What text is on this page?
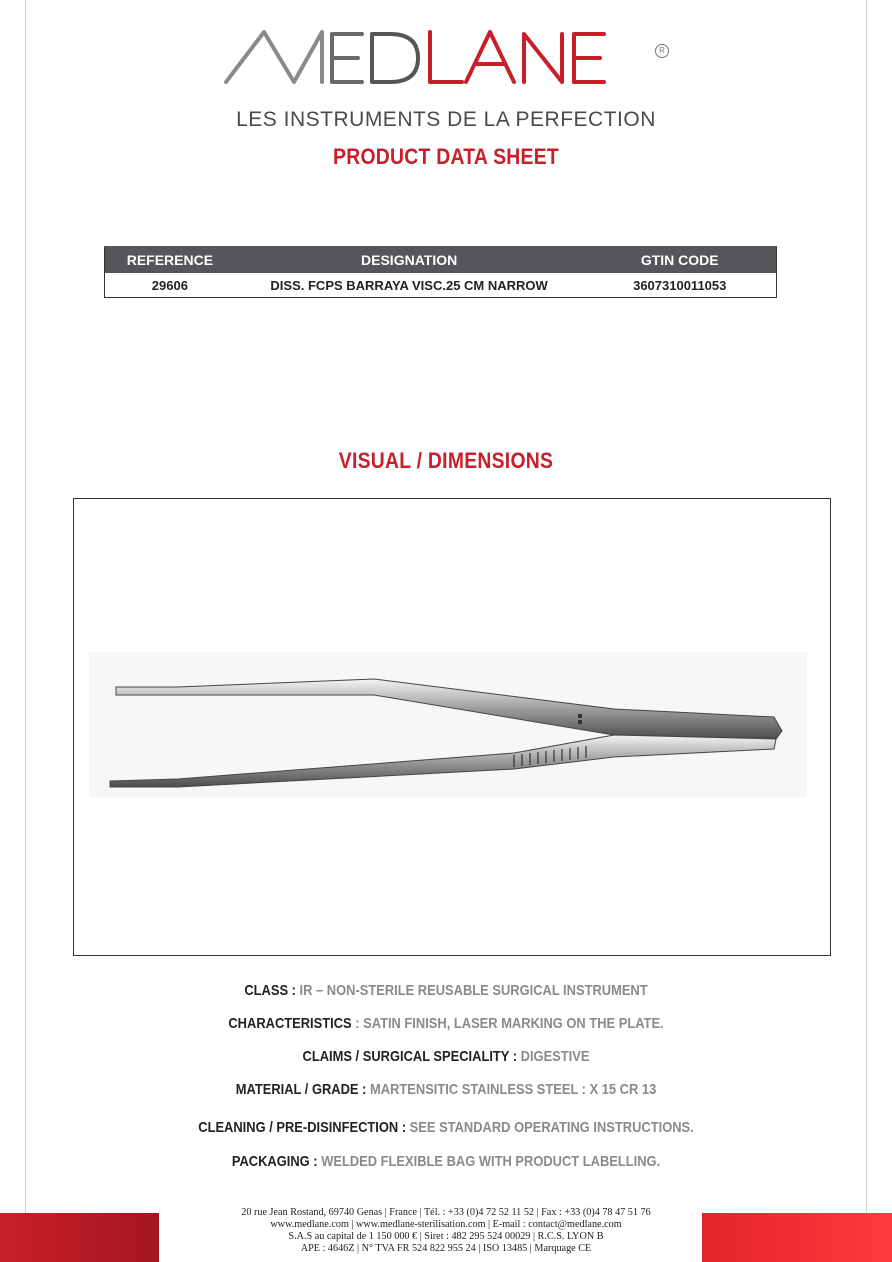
R
LES INSTRUMENTS DE LA PERFECTION
PRODUCT DATA SHEET
REFERENCE	DESIGNATION	GTIN CODE
29606	DISS. FCPS BARRAYA VISC.25 CM NARROW	3607310011053
VISUAL / DIMENSIONS
CLASS : IR – NON-STERILE REUSABLE SURGICAL INSTRUMENT
CHARACTERISTICS : SATIN FINISH, LASER MARKING ON THE PLATE.
CLAIMS / SURGICAL SPECIALITY : DIGESTIVE
MATERIAL / GRADE : MARTENSITIC STAINLESS STEEL : X 15 CR 13
CLEANING / PRE-DISINFECTION : SEE STANDARD OPERATING INSTRUCTIONS.
PACKAGING : WELDED FLEXIBLE BAG WITH PRODUCT LABELLING.
20 rue Jean Rostand, 69740 Genas | France | Tél. : +33 (0)4 72 52 11 52 | Fax : +33 (0)4 78 47 51 76
www.medlane.com | www.medlane-sterilisation.com | E-mail : contact@medlane.com
S.A.S au capital de 1 150 000 € | Siret : 482 295 524 00029 | R.C.S. LYON B
APE : 4646Z | N° TVA FR 524 822 955 24 | ISO 13485 | Marquage CE
